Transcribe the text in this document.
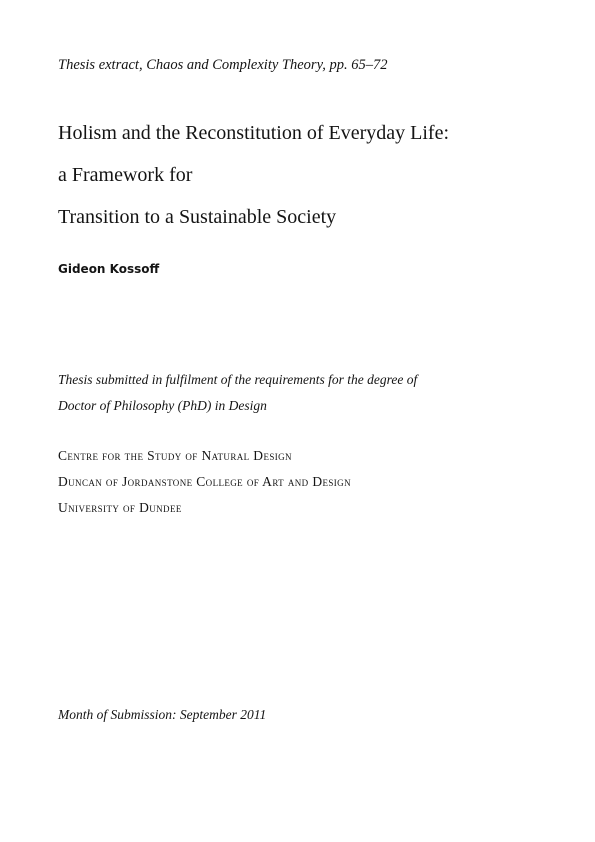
Thesis extract, Chaos and Complexity Theory, pp. 65–72
Holism and the Reconstitution of Everyday Life:
a Framework for
Transition to a Sustainable Society
Gideon Kossoff
Thesis submitted in fulfilment of the requirements for the degree of
Doctor of Philosophy (PhD) in Design
Centre for the Study of Natural Design
Duncan of Jordanstone College of Art and Design
University of Dundee
Month of Submission: September 2011
